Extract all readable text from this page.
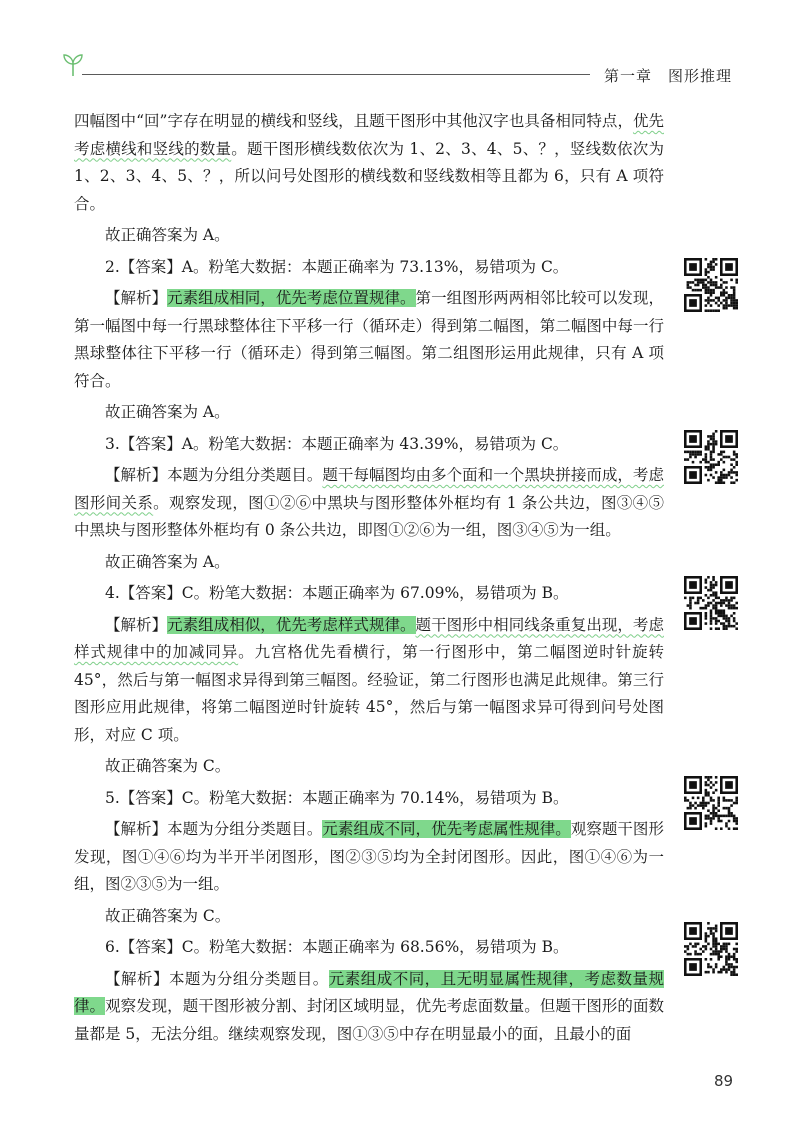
第一章 图形推理

四幅图中“回”字存在明显的横线和竖线，且题干图形中其他汉字也具备相同特点，优先考虑横线和竖线的数量。题干图形横线数依次为 1、2、3、4、5、？，竖线数依次为 1、2、3、4、5、？，所以问号处图形的横线数和竖线数相等且都为 6，只有 A 项符合。

故正确答案为 A。

2.【答案】A。粉笔大数据：本题正确率为 73.13%，易错项为 C。

【解析】元素组成相同，优先考虑位置规律。第一组图形两两相邻比较可以发现，第一幅图中每一行黑球整体往下平移一行（循环走）得到第二幅图，第二幅图中每一行黑球整体往下平移一行（循环走）得到第三幅图。第二组图形运用此规律，只有 A 项符合。

故正确答案为 A。

3.【答案】A。粉笔大数据：本题正确率为 43.39%，易错项为 C。

【解析】本题为分组分类题目。题干每幅图均由多个面和一个黑块拼接而成，考虑图形间关系。观察发现，图①②⑥中黑块与图形整体外框均有 1 条公共边，图③④⑤中黑块与图形整体外框均有 0 条公共边，即图①②⑥为一组，图③④⑤为一组。

故正确答案为 A。

4.【答案】C。粉笔大数据：本题正确率为 67.09%，易错项为 B。

【解析】元素组成相似，优先考虑样式规律。题干图形中相同线条重复出现，考虑样式规律中的加减同异。九宫格优先看横行，第一行图形中，第二幅图逆时针旋转 45°，然后与第一幅图求异得到第三幅图。经验证，第二行图形也满足此规律。第三行图形应用此规律，将第二幅图逆时针旋转 45°，然后与第一幅图求异可得到问号处图形，对应 C 项。

故正确答案为 C。

5.【答案】C。粉笔大数据：本题正确率为 70.14%，易错项为 B。

【解析】本题为分组分类题目。元素组成不同，优先考虑属性规律。观察题干图形发现，图①④⑥均为半开半闭图形，图②③⑤均为全封闭图形。因此，图①④⑥为一组，图②③⑤为一组。

故正确答案为 C。

6.【答案】C。粉笔大数据：本题正确率为 68.56%，易错项为 B。

【解析】本题为分组分类题目。元素组成不同，且无明显属性规律，考虑数量规律。观察发现，题干图形被分割、封闭区域明显，优先考虑面数量。但题干图形的面数量都是 5，无法分组。继续观察发现，图①③⑤中存在明显最小的面，且最小的面

89
